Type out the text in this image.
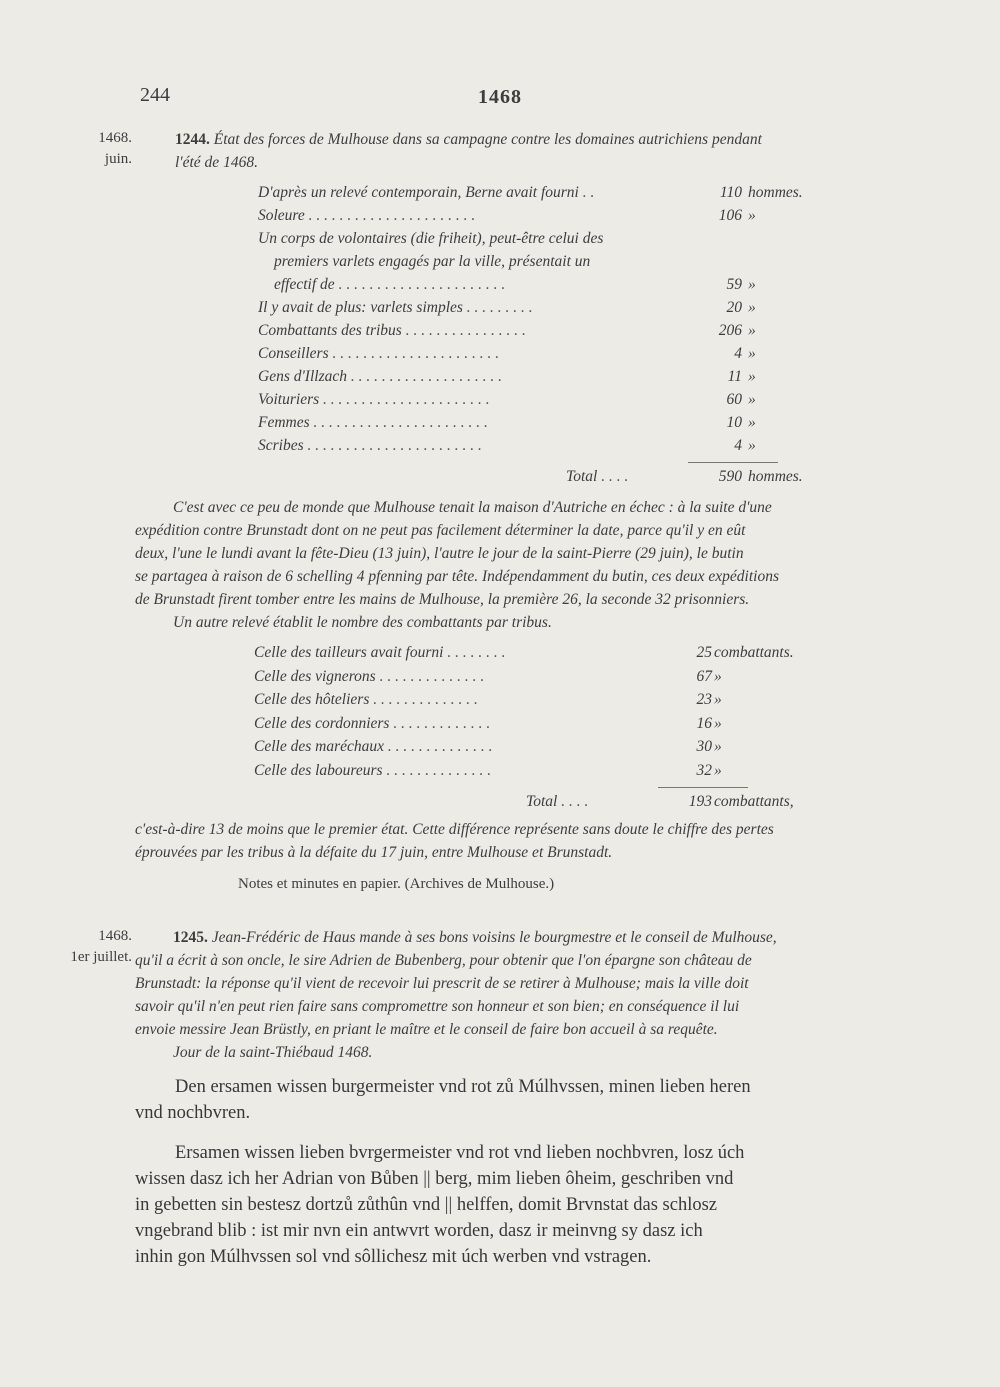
244	1468
1468.
juin.
1244. État des forces de Mulhouse dans sa campagne contre les domaines autrichiens pendant
l'été de 1468.
D'après un relevé contemporain, Berne avait fourni . .	110 hommes.
Soleure . . . . . . . . . . . . . . . . . . . . . .	106 »
Un corps de volontaires (die friheit), peut-être celui des
premiers varlets engagés par la ville, présentait un
effectif de . . . . . . . . . . . . . . . . . . . . . .	59 »
Il y avait de plus: varlets simples . . . . . . . . .	20 »
Combattants des tribus . . . . . . . . . . . . . . . .	206 »
Conseillers . . . . . . . . . . . . . . . . . . . . . .	4 »
Gens d'Illzach . . . . . . . . . . . . . . . . . . . .	11 »
Voituriers . . . . . . . . . . . . . . . . . . . . . .	60 »
Femmes . . . . . . . . . . . . . . . . . . . . . . .	10 »
Scribes . . . . . . . . . . . . . . . . . . . . . . .	4 »
Total . . . .	590 hommes.
C'est avec ce peu de monde que Mulhouse tenait la maison d'Autriche en échec : à la suite d'une
expédition contre Brunstadt dont on ne peut pas facilement déterminer la date, parce qu'il y en eût
deux, l'une le lundi avant la fête-Dieu (13 juin), l'autre le jour de la saint-Pierre (29 juin), le butin
se partagea à raison de 6 schelling 4 pfenning par tête. Indépendamment du butin, ces deux expéditions
de Brunstadt firent tomber entre les mains de Mulhouse, la première 26, la seconde 32 prisonniers.
Un autre relevé établit le nombre des combattants par tribus.
Celle des tailleurs avait fourni . . . . . . . .	25 combattants.
Celle des vignerons . . . . . . . . . . . . . .	67 »
Celle des hôteliers . . . . . . . . . . . . . .	23 »
Celle des cordonniers . . . . . . . . . . . . .	16 »
Celle des maréchaux . . . . . . . . . . . . . .	30 »
Celle des laboureurs . . . . . . . . . . . . . .	32 »
Total . . . .	193 combattants,
c'est-à-dire 13 de moins que le premier état. Cette différence représente sans doute le chiffre des pertes
éprouvées par les tribus à la défaite du 17 juin, entre Mulhouse et Brunstadt.
Notes et minutes en papier. (Archives de Mulhouse.)
1468.
1er juillet.
1245. Jean-Frédéric de Haus mande à ses bons voisins le bourgmestre et le conseil de Mulhouse,
qu'il a écrit à son oncle, le sire Adrien de Bubenberg, pour obtenir que l'on épargne son château de
Brunstadt: la réponse qu'il vient de recevoir lui prescrit de se retirer à Mulhouse; mais la ville doit
savoir qu'il n'en peut rien faire sans compromettre son honneur et son bien; en conséquence il lui
envoie messire Jean Brüstly, en priant le maître et le conseil de faire bon accueil à sa requête.
Jour de la saint-Thiébaud 1468.
Den ersamen wissen burgermeister vnd rot zů Múlhvssen, minen lieben heren
vnd nochbvren.
Ersamen wissen lieben bvrgermeister vnd rot vnd lieben nochbvren, losz úch
wissen dasz ich her Adrian von Bůben || berg, mim lieben ôheim, geschriben vnd
in gebetten sin bestesz dortzů zůthûn vnd || helffen, domit Brvnstat das schlosz
vngebrand blib : ist mir nvn ein antwvrt worden, dasz ir meinvng sy dasz ich
inhin gon Múlhvssen sol vnd sôllichesz mit úch werben vnd vstragen.
